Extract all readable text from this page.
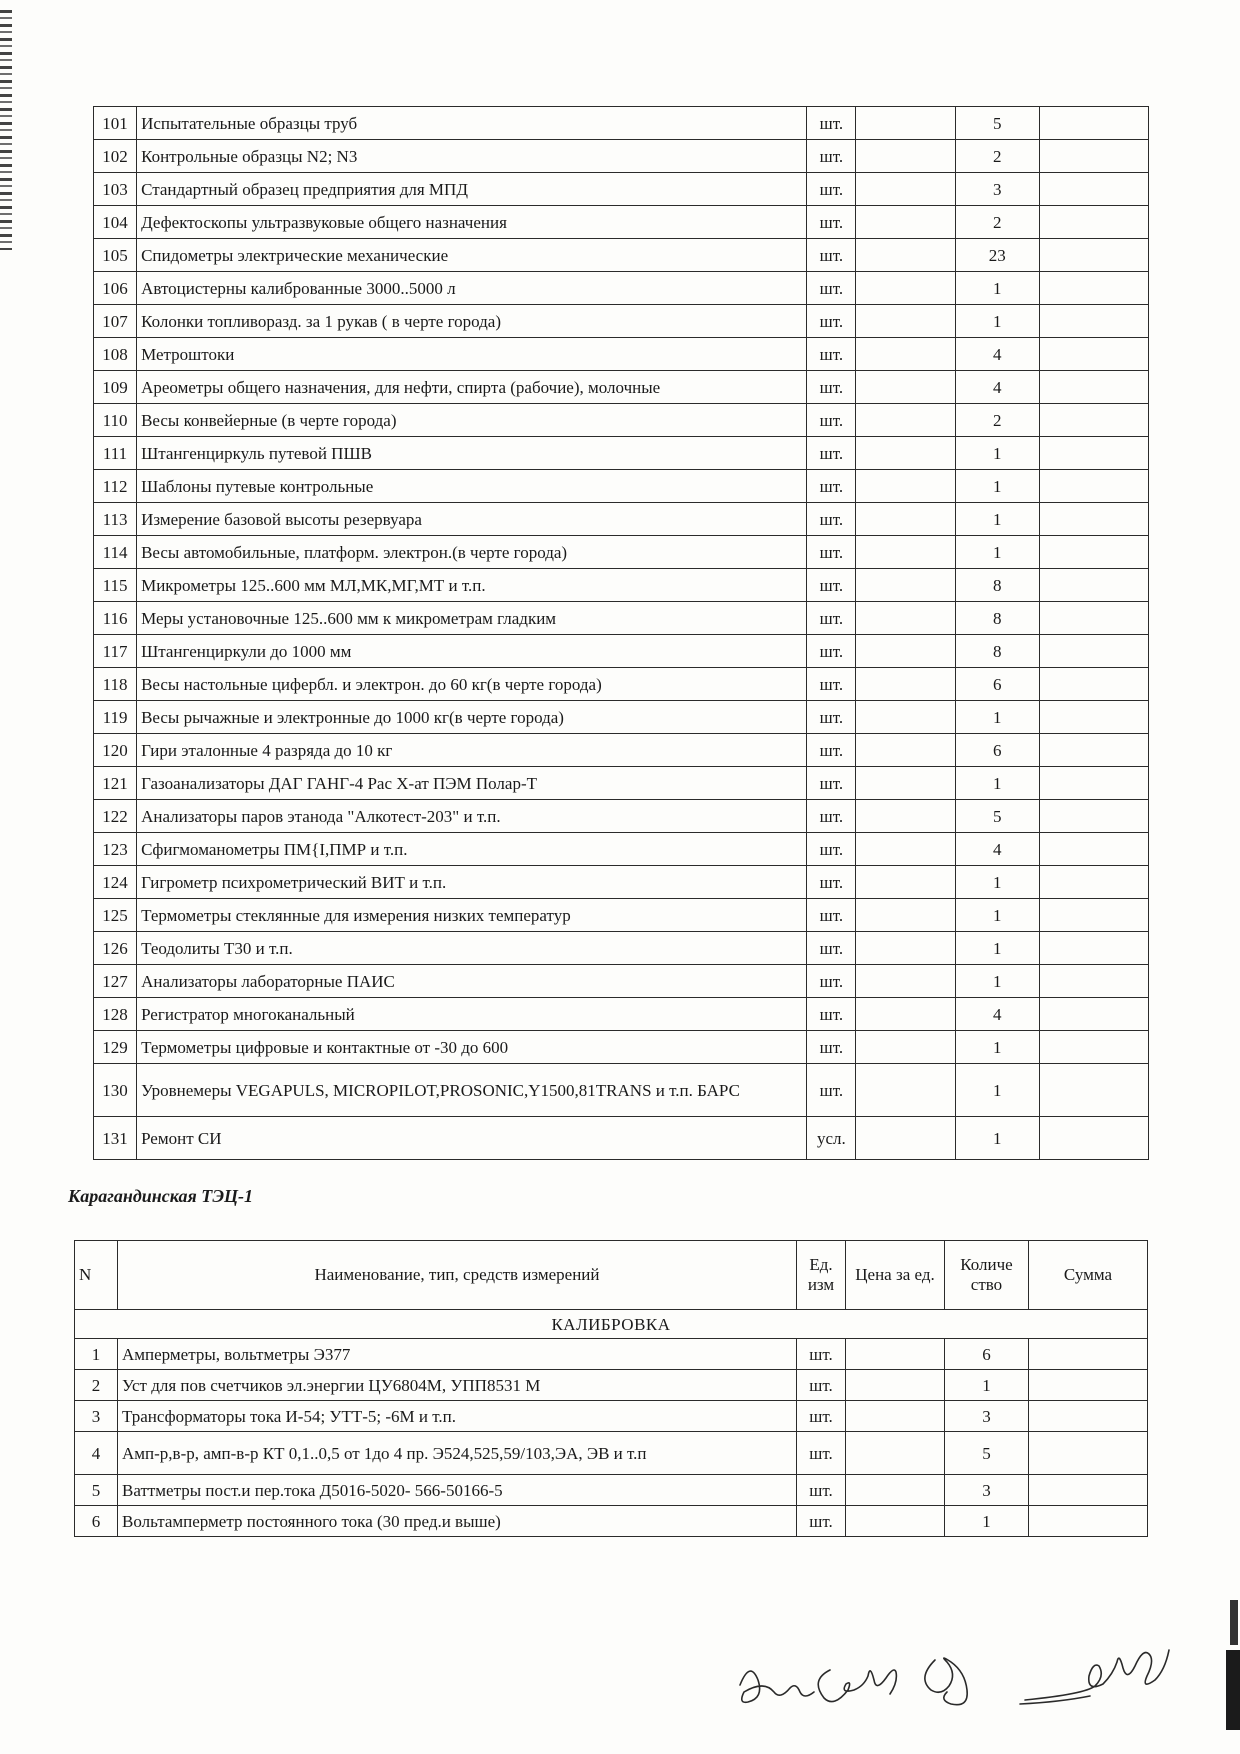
101	Испытательные образцы труб	шт.		5	
102	Контрольные образцы N2; N3	шт.		2	
103	Стандартный образец предприятия для МПД	шт.		3	
104	Дефектоскопы ультразвуковые общего назначения	шт.		2	
105	Спидометры электрические механические	шт.		23	
106	Автоцистерны калиброванные 3000..5000 л	шт.		1	
107	Колонки топливоразд. за 1 рукав ( в черте города)	шт.		1	
108	Метроштоки	шт.		4	
109	Ареометры общего назначения, для нефти, спирта (рабочие), молочные	шт.		4	
110	Весы конвейерные (в черте города)	шт.		2	
111	Штангенциркуль путевой ПШВ	шт.		1	
112	Шаблоны путевые контрольные	шт.		1	
113	Измерение базовой высоты резервуара	шт.		1	
114	Весы автомобильные, платформ. электрон.(в черте города)	шт.		1	
115	Микрометры 125..600 мм МЛ,МК,МГ,МТ и т.п.	шт.		8	
116	Меры установочные 125..600 мм к микрометрам гладким	шт.		8	
117	Штангенциркули до 1000 мм	шт.		8	
118	Весы настольные цифербл. и электрон. до 60 кг(в черте города)	шт.		6	
119	Весы рычажные и электронные до 1000 кг(в черте города)	шт.		1	
120	Гири эталонные 4 разряда до 10 кг	шт.		6	
121	Газоанализаторы ДАГ ГАНГ-4 Рас Х-ат ПЭМ Полар-Т	шт.		1	
122	Анализаторы паров этанода "Алкотест-203" и т.п.	шт.		5	
123	Сфигмоманометры ПМ{I,ПМР и т.п.	шт.		4	
124	Гигрометр психрометрический ВИТ и т.п.	шт.		1	
125	Термометры стеклянные для измерения низких температур	шт.		1	
126	Теодолиты Т30 и т.п.	шт.		1	
127	Анализаторы лабораторные ПАИС	шт.		1	
128	Регистратор многоканальный	шт.		4	
129	Термометры цифровые и контактные от -30 до 600	шт.		1	
130	Уровнемеры VEGAPULS, MICROPILOT,PROSONIC,Y1500,81TRANS и т.п. БАРС	шт.		1	
131	Ремонт СИ	усл.		1	
Карагандинская ТЭЦ-1
N	Наименование, тип, средств измерений	Ед. изм	Цена за ед.	Количе ство	Сумма
КАЛИБРОВКА					
1	Амперметры, вольтметры Э377	шт.		6	
2	Уст для пов счетчиков эл.энергии ЦУ6804М, УПП8531 М	шт.		1	
3	Трансформаторы тока И-54; УТТ-5; -6М и т.п.	шт.		3	
4	Амп-р,в-р, амп-в-р КТ 0,1..0,5 от 1до 4 пр. Э524,525,59/103,ЭА, ЭВ и т.п	шт.		5	
5	Ваттметры пост.и пер.тока Д5016-5020- 566-50166-5	шт.		3	
6	Вольтамперметр постоянного тока (30 пред.и выше)	шт.		1	
